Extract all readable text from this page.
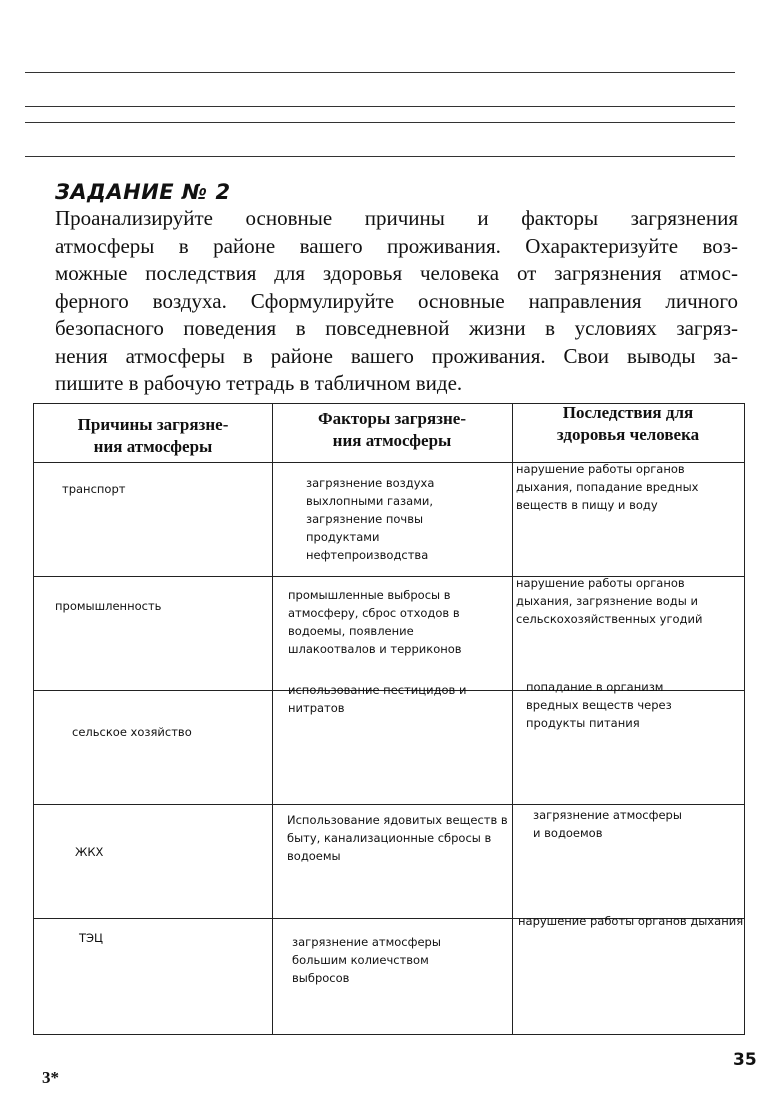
ЗАДАНИЕ № 2
Проанализируйте основные причины и факторы загрязнения
атмосферы в районе вашего проживания. Охарактеризуйте воз-
можные последствия для здоровья человека от загрязнения атмос-
ферного воздуха. Сформулируйте основные направления личного
безопасного поведения в повседневной жизни в условиях загряз-
нения атмосферы в районе вашего проживания. Свои выводы за-
пишите в рабочую тетрадь в табличном виде.
Причины загрязне-
ния атмосферы
Факторы загрязне-
ния атмосферы
Последствия для
здоровья человека
транспорт	загрязнение воздуха
выхлопными газами,
загрязнение почвы
продуктами
нефтепроизводства
нарушение работы органов
дыхания, попадание вредных
веществ в пищу и воду
промышленность
промышленные выбросы в
атмосферу, сброс отходов в
водоемы, появление
шлакоотвалов и терриконов
нарушение работы органов
дыхания, загрязнение воды и
сельскохозяйственных угодий
сельское хозяйство
использование пестицидов и
нитратов
попадание в организм
вредных веществ через
продукты питания
ЖКХ
Использование ядовитых веществ в
быту, канализационные сбросы в
водоемы
загрязнение атмосферы
и водоемов
ТЭЦ	загрязнение атмосферы
большим колиечством
выбросов
нарушение работы органов дыхания
35
3*
